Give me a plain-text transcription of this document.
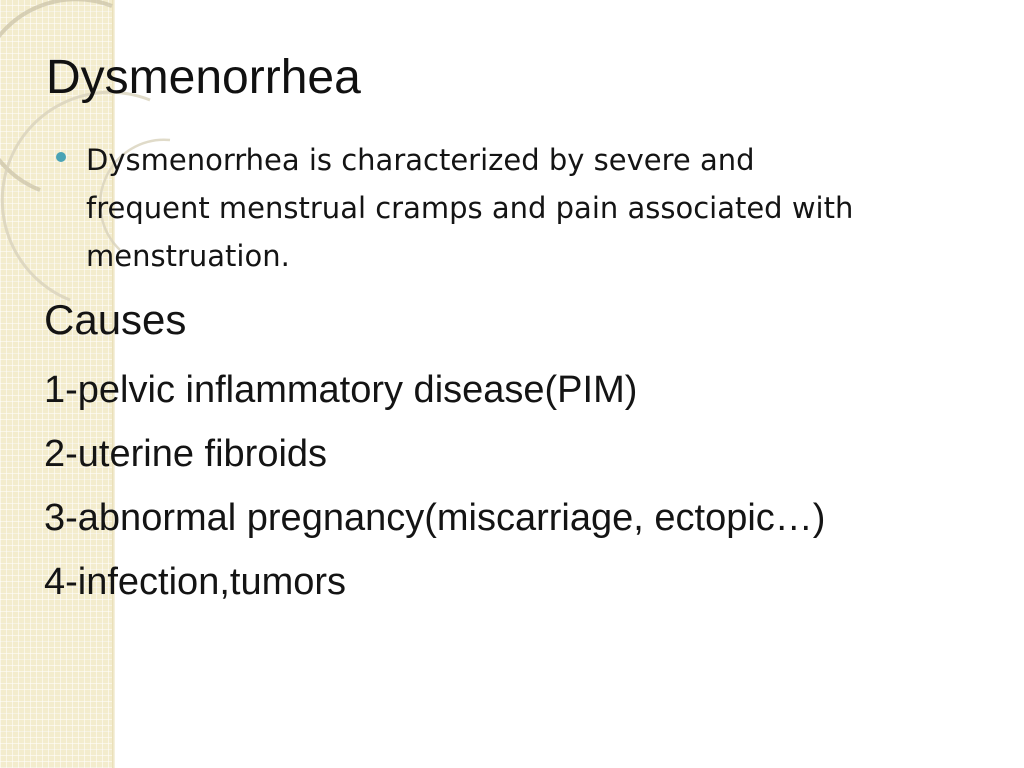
Dysmenorrhea

Dysmenorrhea is characterized by severe and frequent menstrual cramps and pain associated with menstruation.

Causes
1-pelvic inflammatory disease(PIM)
2-uterine fibroids
3-abnormal pregnancy(miscarriage, ectopic…)
4-infection,tumors
